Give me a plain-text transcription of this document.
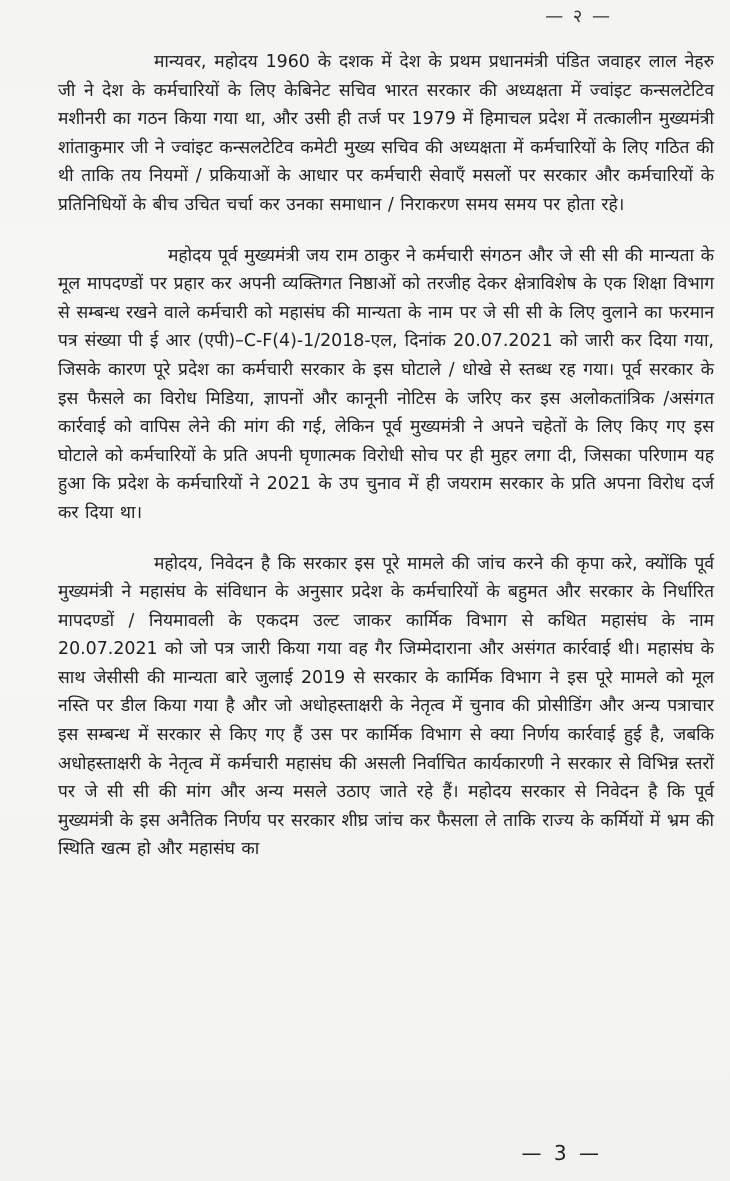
— २ —

मान्यवर, महोदय 1960 के दशक में देश के प्रथम प्रधानमंत्री पंडित जवाहर लाल नेहरु जी ने देश के कर्मचारियों के लिए केबिनेट सचिव भारत सरकार की अध्यक्षता में ज्वांइट कन्सलटेटिव मशीनरी का गठन किया गया था, और उसी ही तर्ज पर 1979 में हिमाचल प्रदेश में तत्कालीन मुख्यमंत्री शांताकुमार जी ने ज्वांइट कन्सलटेटिव कमेटी मुख्य सचिव की अध्यक्षता में कर्मचारियों के लिए गठित की थी ताकि तय नियमों / प्रकियाओं के आधार पर कर्मचारी सेवाएँ मसलों पर सरकार और कर्मचारियों के प्रतिनिधियों के बीच उचित चर्चा कर उनका समाधान / निराकरण समय समय पर होता रहे।

महोदय पूर्व मुख्यमंत्री जय राम ठाकुर ने कर्मचारी संगठन और जे सी सी की मान्यता के मूल मापदण्डों पर प्रहार कर अपनी व्यक्तिगत निष्ठाओं को तरजीह देकर क्षेत्राविशेष के एक शिक्षा विभाग से सम्बन्ध रखने वाले कर्मचारी को महासंघ की मान्यता के नाम पर जे सी सी के लिए वुलाने का फरमान पत्र संख्या पी ई आर (एपी)–C-F(4)-1/2018-एल, दिनांक 20.07.2021 को जारी कर दिया गया, जिसके कारण पूरे प्रदेश का कर्मचारी सरकार के इस घोटाले / धोखे से स्तब्ध रह गया। पूर्व सरकार के इस फैसले का विरोध मिडिया, ज्ञापनों और कानूनी नोटिस के जरिए कर इस अलोकतांत्रिक /असंगत कार्रवाई को वापिस लेने की मांग की गई, लेकिन पूर्व मुख्यमंत्री ने अपने चहेतों के लिए किए गए इस घोटाले को कर्मचारियों के प्रति अपनी घृणात्मक विरोधी सोच पर ही मुहर लगा दी, जिसका परिणाम यह हुआ कि प्रदेश के कर्मचारियों ने 2021 के उप चुनाव में ही जयराम सरकार के प्रति अपना विरोध दर्ज कर दिया था।

महोदय, निवेदन है कि सरकार इस पूरे मामले की जांच करने की कृपा करे, क्योंकि पूर्व मुख्यमंत्री ने महासंघ के संविधान के अनुसार प्रदेश के कर्मचारियों के बहुमत और सरकार के निर्धारित मापदण्डों / नियमावली के एकदम उल्ट जाकर कार्मिक विभाग से कथित महासंघ के नाम 20.07.2021 को जो पत्र जारी किया गया वह गैर जिम्मेदाराना और असंगत कार्रवाई थी। महासंघ के साथ जेसीसी की मान्यता बारे जुलाई 2019 से सरकार के कार्मिक विभाग ने इस पूरे मामले को मूल नस्ति पर डील किया गया है और जो अधोहस्ताक्षरी के नेतृत्व में चुनाव की प्रोसीडिंग और अन्य पत्राचार इस सम्बन्ध में सरकार से किए गए हैं उस पर कार्मिक विभाग से क्या निर्णय कार्रवाई हुई है, जबकि अधोहस्ताक्षरी के नेतृत्व में कर्मचारी महासंघ की असली निर्वाचित कार्यकारणी ने सरकार से विभिन्न स्तरों पर जे सी सी की मांग और अन्य मसले उठाए जाते रहे हैं। महोदय सरकार से निवेदन है कि पूर्व मुख्यमंत्री के इस अनैतिक निर्णय पर सरकार शीघ्र जांच कर फैसला ले ताकि राज्य के कर्मियों में भ्रम की स्थिति खत्म हो और महासंघ का

— 3 —
